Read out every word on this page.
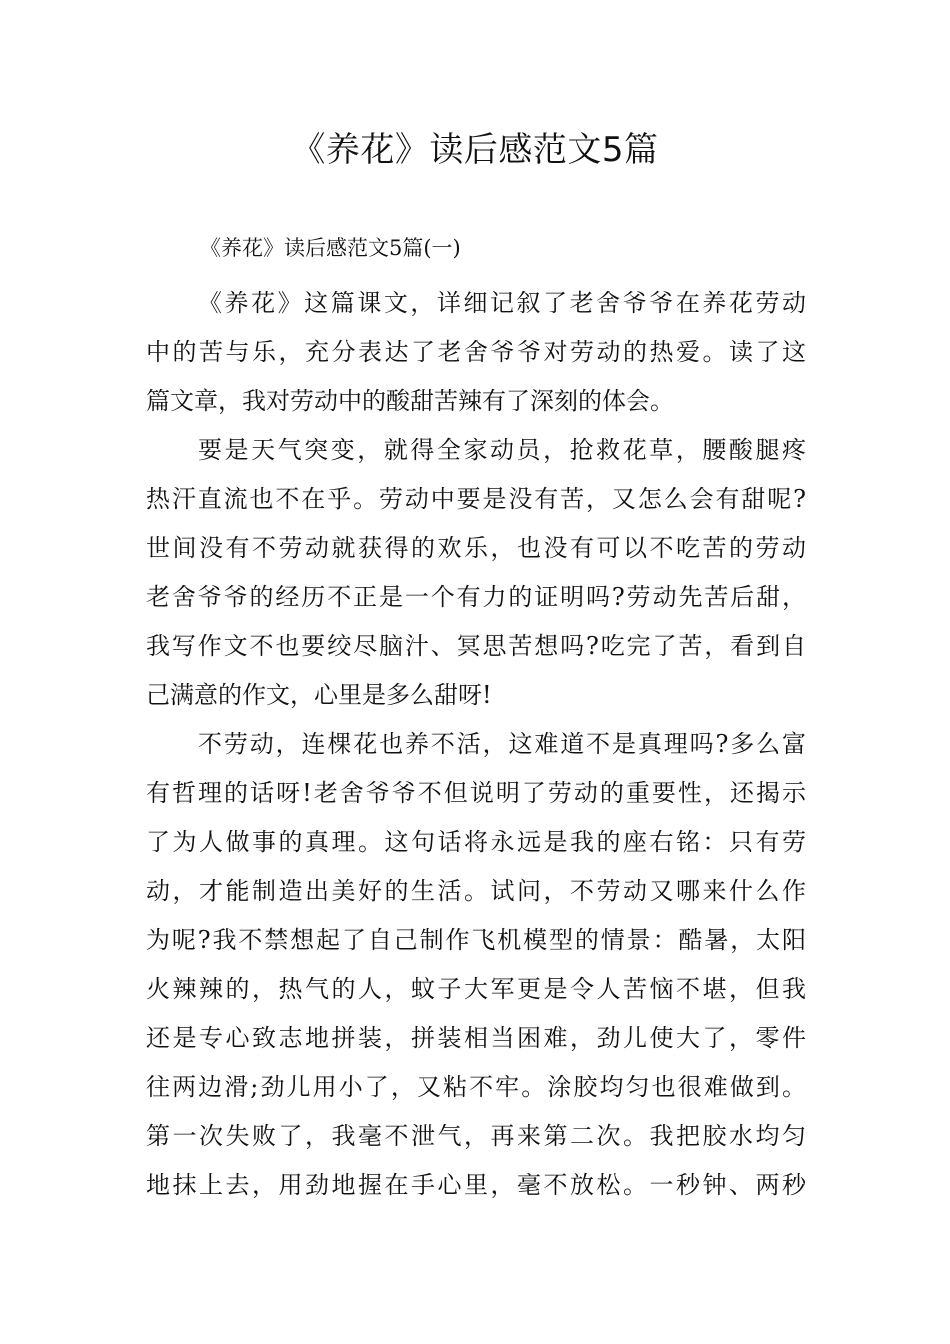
《养花》读后感范文5篇

《养花》读后感范文5篇(一)

《养花》这篇课文，详细记叙了老舍爷爷在养花劳动
中的苦与乐，充分表达了老舍爷爷对劳动的热爱。读了这
篇文章，我对劳动中的酸甜苦辣有了深刻的体会。
要是天气突变，就得全家动员，抢救花草，腰酸腿疼
热汗直流也不在乎。劳动中要是没有苦，又怎么会有甜呢?
世间没有不劳动就获得的欢乐，也没有可以不吃苦的劳动
老舍爷爷的经历不正是一个有力的证明吗?劳动先苦后甜，
我写作文不也要绞尽脑汁、冥思苦想吗?吃完了苦，看到自
己满意的作文，心里是多么甜呀!
不劳动，连棵花也养不活，这难道不是真理吗?多么富
有哲理的话呀!老舍爷爷不但说明了劳动的重要性，还揭示
了为人做事的真理。这句话将永远是我的座右铭：只有劳
动，才能制造出美好的生活。试问，不劳动又哪来什么作
为呢?我不禁想起了自己制作飞机模型的情景：酷暑，太阳
火辣辣的，热气的人，蚊子大军更是令人苦恼不堪，但我
还是专心致志地拼装，拼装相当困难，劲儿使大了，零件
往两边滑;劲儿用小了，又粘不牢。涂胶均匀也很难做到。
第一次失败了，我毫不泄气，再来第二次。我把胶水均匀
地抹上去，用劲地握在手心里，毫不放松。一秒钟、两秒
